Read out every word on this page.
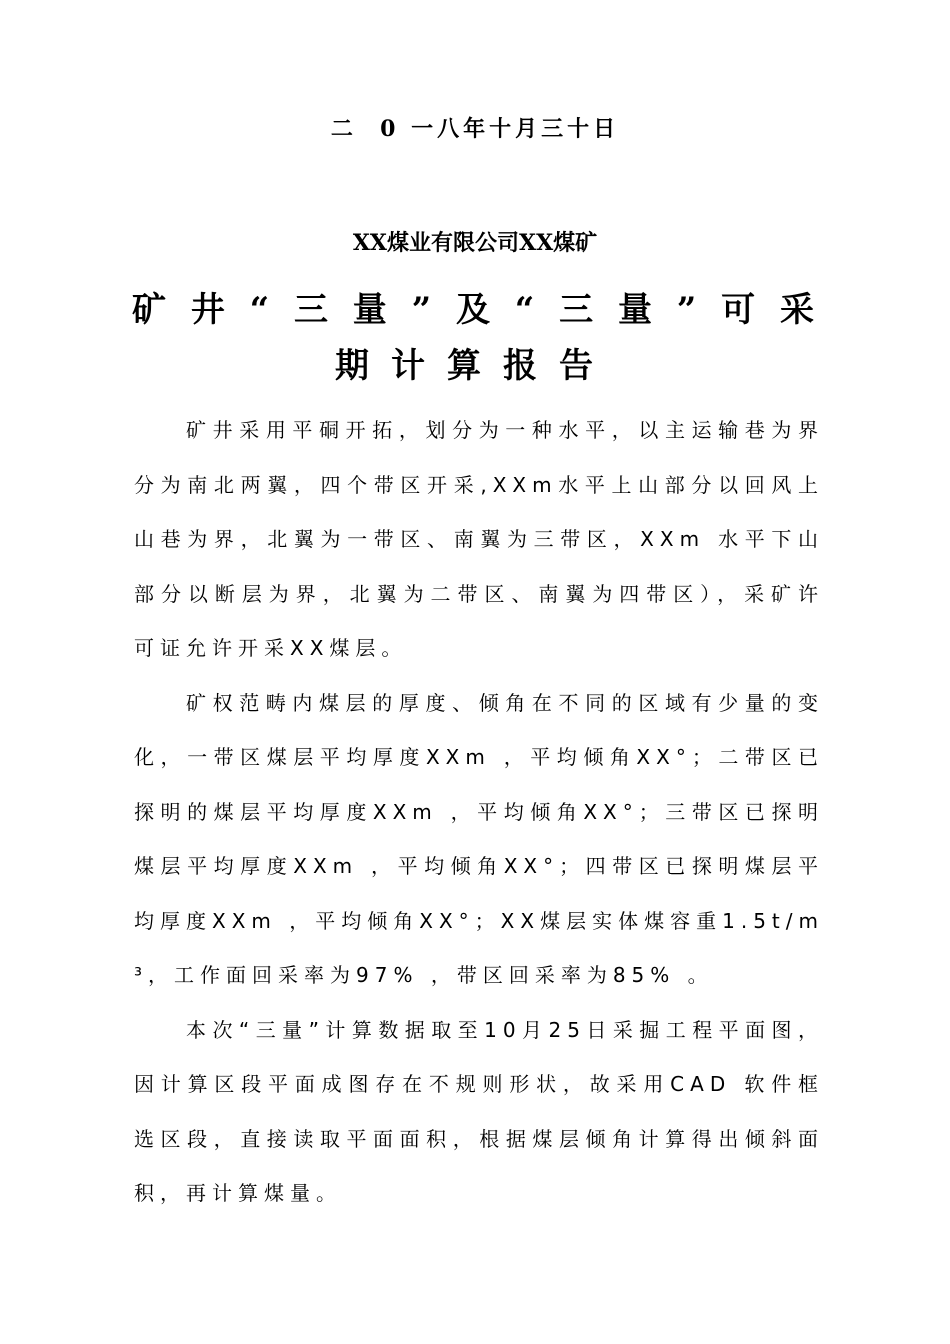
二  0 一八年十月三十日
XX煤业有限公司XX煤矿
矿井“三量”及“三量”可采
期计算报告

矿井采用平硐开拓，划分为一种水平，以主运输巷为界分为南北两翼，四个带区开采,XXm水平上山部分以回风上山巷为界，北翼为一带区、南翼为三带区，XXm 水平下山部分以断层为界，北翼为二带区、南翼为四带区），采矿许可证允许开采XX煤层。

矿权范畴内煤层的厚度、倾角在不同的区域有少量的变化，一带区煤层平均厚度XXm ，平均倾角XX°；二带区已探明的煤层平均厚度XXm ，平均倾角XX°；三带区已探明煤层平均厚度XXm ，平均倾角XX°；四带区已探明煤层平均厚度XXm ，平均倾角XX°；XX煤层实体煤容重1.5t/m³，工作面回采率为97% ，带区回采率为85% 。

本次“三量”计算数据取至10月25日采掘工程平面图，因计算区段平面成图存在不规则形状，故采用CAD 软件框选区段，直接读取平面面积，根据煤层倾角计算得出倾斜面积，再计算煤量。
